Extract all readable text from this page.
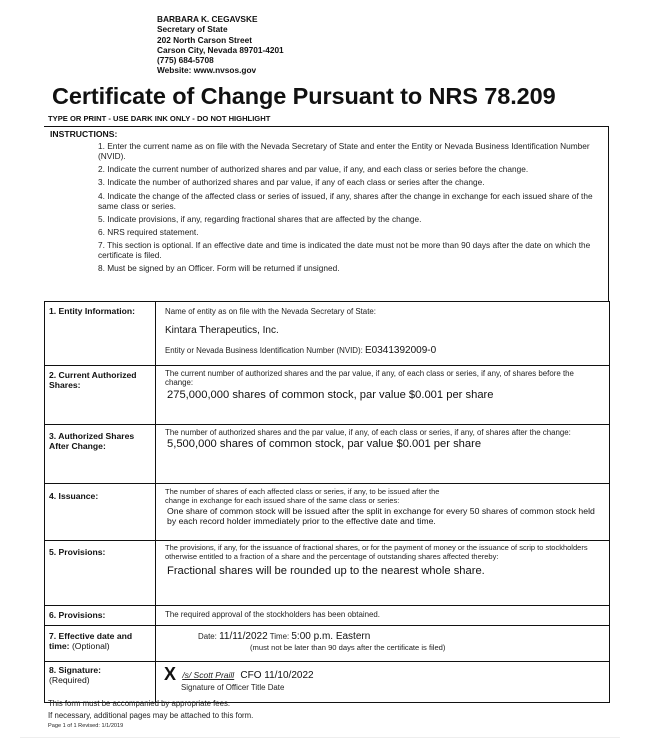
BARBARA K. CEGAVSKE
Secretary of State
202 North Carson Street
Carson City, Nevada 89701-4201
(775) 684-5708
Website: www.nvsos.gov
Certificate of Change Pursuant to NRS 78.209
TYPE OR PRINT - USE DARK INK ONLY - DO NOT HIGHLIGHT
INSTRUCTIONS:
1. Enter the current name as on file with the Nevada Secretary of State and enter the Entity or Nevada Business Identification Number (NVID).
2. Indicate the current number of authorized shares and par value, if any, and each class or series before the change.
3. Indicate the number of authorized shares and par value, if any of each class or series after the change.
4. Indicate the change of the affected class or series of issued, if any, shares after the change in exchange for each issued share of the same class or series.
5. Indicate provisions, if any, regarding fractional shares that are affected by the change.
6. NRS required statement.
7. This section is optional. If an effective date and time is indicated the date must not be more than 90 days after the date on which the certificate is filed.
8. Must be signed by an Officer. Form will be returned if unsigned.
1. Entity Information:	Name of entity as on file with the Nevada Secretary of State:
Kintara Therapeutics, Inc.
Entity or Nevada Business Identification Number (NVID): E0341392009-0
2. Current Authorized Shares:
The current number of authorized shares and the par value, if any, of each class or series, if any, of shares before the change:
275,000,000 shares of common stock, par value $0.001 per share
3. Authorized Shares After Change:
The number of authorized shares and the par value, if any, of each class or series, if any, of shares after the change:
5,500,000 shares of common stock, par value $0.001 per share
4. Issuance:	The number of shares of each affected class or series, if any, to be issued after the
change in exchange for each issued share of the same class or series:
One share of common stock will be issued after the split in exchange for every 50 shares of common stock held by each record holder immediately prior to the effective date and time.
5. Provisions:	The provisions, if any, for the issuance of fractional shares, or for the payment of money or the issuance of scrip to stockholders otherwise entitled to a fraction of a share and the percentage of outstanding shares affected thereby:
Fractional shares will be rounded up to the nearest whole share.
6. Provisions:	The required approval of the stockholders has been obtained.
7. Effective date and time: (Optional)
Date: 11/11/2022 Time: 5:00 p.m. Eastern
(must not be later than 90 days after the certificate is filed)
8. Signature:
(Required)	X /s/ Scott Praill CFO 11/10/2022
Signature of Officer Title Date
This form must be accompanied by appropriate fees.
If necessary, additional pages may be attached to this form.
Page 1 of 1 Revised: 1/1/2019
